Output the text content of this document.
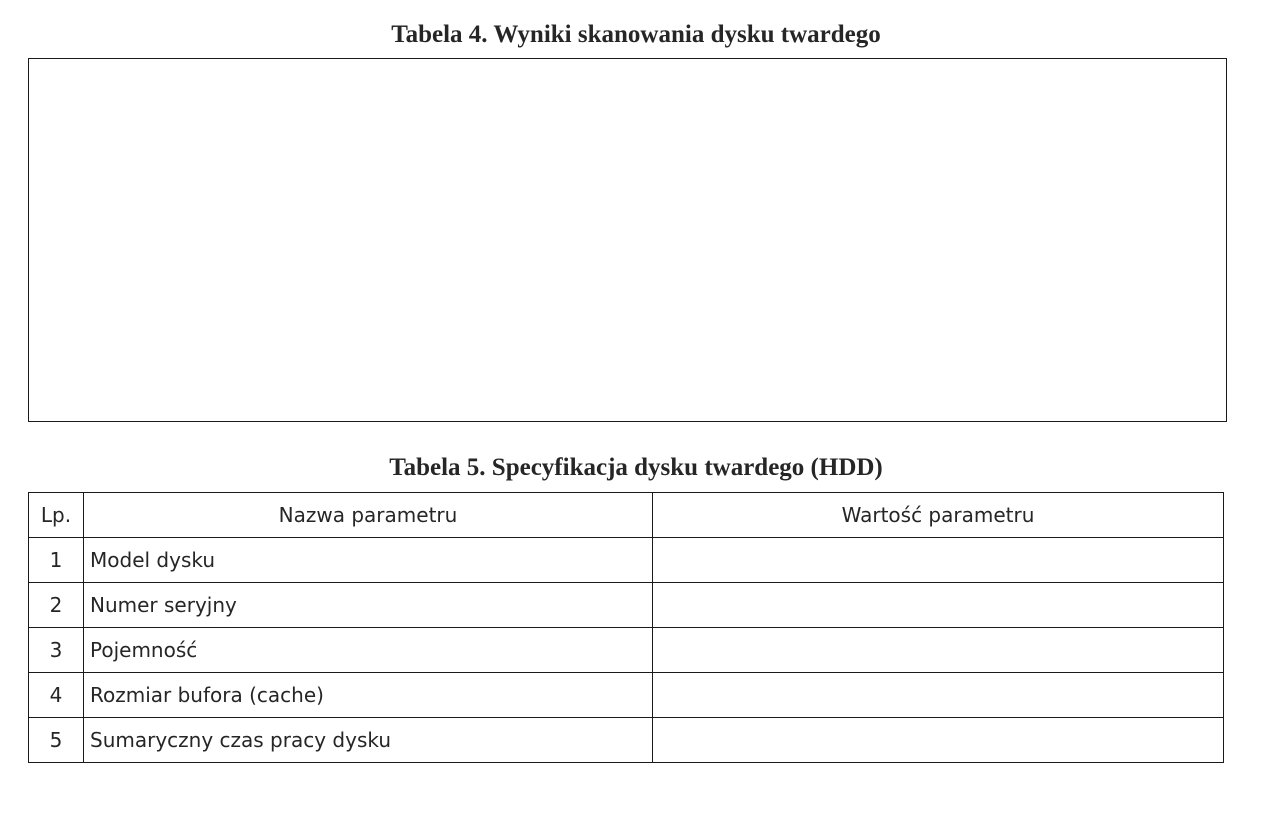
Tabela 4. Wyniki skanowania dysku twardego
Tabela 5. Specyfikacja dysku twardego (HDD)
Lp.	Nazwa parametru	Wartość parametru
1	Model dysku	
2	Numer seryjny	
3	Pojemność	
4	Rozmiar bufora (cache)	
5	Sumaryczny czas pracy dysku	
